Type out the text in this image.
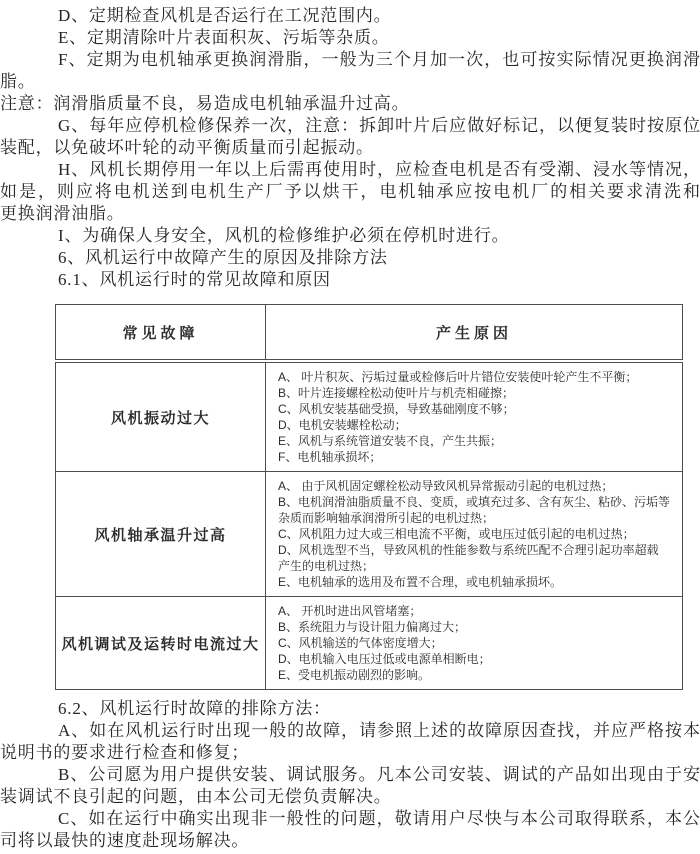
D、定期检查风机是否运行在工况范围内。
E、定期清除叶片表面积灰、污垢等杂质。
F、定期为电机轴承更换润滑脂，一般为三个月加一次，也可按实际情况更换润滑
脂。
注意：润滑脂质量不良，易造成电机轴承温升过高。
G、每年应停机检修保养一次，注意：拆卸叶片后应做好标记，以便复装时按原位
装配，以免破坏叶轮的动平衡质量而引起振动。
H、风机长期停用一年以上后需再使用时，应检查电机是否有受潮、浸水等情况，
如是，则应将电机送到电机生产厂予以烘干，电机轴承应按电机厂的相关要求清洗和
更换润滑油脂。
I、为确保人身安全，风机的检修维护必须在停机时进行。
6、风机运行中故障产生的原因及排除方法
6.1、风机运行时的常见故障和原因
常见故障	产生原因
风机振动过大	
A、 叶片积灰、污垢过量或检修后叶片错位安装使叶轮产生不平衡；
B、叶片连接螺栓松动使叶片与机壳相碰擦；
C、风机安装基础受损，导致基础刚度不够；
D、电机安装螺栓松动；
E、风机与系统管道安装不良，产生共振；
F、电机轴承损坏；

风机轴承温升过高	A、 由于风机固定螺栓松动导致风机异常振动引起的电机过热；
B、电机润滑油脂质量不良、变质，或填充过多、含有灰尘、粘砂、污垢等杂质而影响轴承润滑所引起的电机过热；
C、风机阻力过大或三相电流不平衡，或电压过低引起的电机过热；
D、风机选型不当，导致风机的性能参数与系统匹配不合理引起功率超载产生的电机过热；
E、电机轴承的选用及布置不合理，或电机轴承损坏。

风机调试及运转时电流过大	A、 开机时进出风管堵塞；
B、系统阻力与设计阻力偏离过大；
C、风机输送的气体密度增大；
D、电机输入电压过低或电源单相断电；
E、受电机振动剧烈的影响。
6.2、风机运行时故障的排除方法：
A、如在风机运行时出现一般的故障，请参照上述的故障原因查找，并应严格按本
说明书的要求进行检查和修复；
B、公司愿为用户提供安装、调试服务。凡本公司安装、调试的产品如出现由于安
装调试不良引起的问题，由本公司无偿负责解决。
C、如在运行中确实出现非一般性的问题，敬请用户尽快与本公司取得联系，本公
司将以最快的速度赴现场解决。
